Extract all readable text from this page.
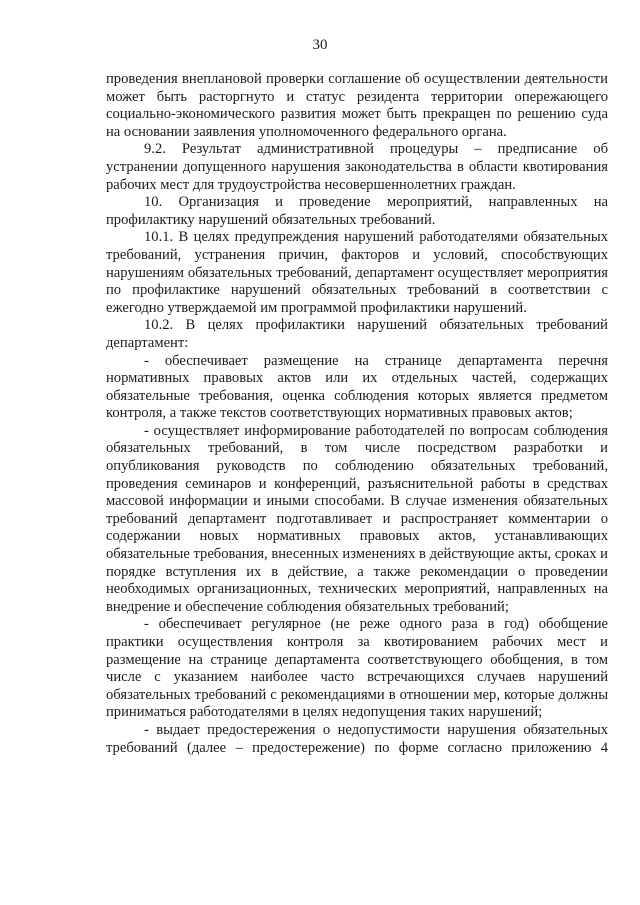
30

проведения внеплановой проверки соглашение об осуществлении деятельности может быть расторгнуто и статус резидента территории опережающего социально-экономического развития может быть прекращен по решению суда на основании заявления уполномоченного федерального органа.

9.2. Результат административной процедуры – предписание об устранении допущенного нарушения законодательства в области квотирования рабочих мест для трудоустройства несовершеннолетних граждан.

10. Организация и проведение мероприятий, направленных на профилактику нарушений обязательных требований.

10.1. В целях предупреждения нарушений работодателями обязательных требований, устранения причин, факторов и условий, способствующих нарушениям обязательных требований, департамент осуществляет мероприятия по профилактике нарушений обязательных требований в соответствии с ежегодно утверждаемой им программой профилактики нарушений.

10.2. В целях профилактики нарушений обязательных требований департамент:

- обеспечивает размещение на странице департамента перечня нормативных правовых актов или их отдельных частей, содержащих обязательные требования, оценка соблюдения которых является предметом контроля, а также текстов соответствующих нормативных правовых актов;

- осуществляет информирование работодателей по вопросам соблюдения обязательных требований, в том числе посредством разработки и опубликования руководств по соблюдению обязательных требований, проведения семинаров и конференций, разъяснительной работы в средствах массовой информации и иными способами. В случае изменения обязательных требований департамент подготавливает и распространяет комментарии о содержании новых нормативных правовых актов, устанавливающих обязательные требования, внесенных изменениях в действующие акты, сроках и порядке вступления их в действие, а также рекомендации о проведении необходимых организационных, технических мероприятий, направленных на внедрение и обеспечение соблюдения обязательных требований;

- обеспечивает регулярное (не реже одного раза в год) обобщение практики осуществления контроля за квотированием рабочих мест и размещение на странице департамента соответствующего обобщения, в том числе с указанием наиболее часто встречающихся случаев нарушений обязательных требований с рекомендациями в отношении мер, которые должны приниматься работодателями в целях недопущения таких нарушений;

- выдает предостережения о недопустимости нарушения обязательных требований (далее – предостережение) по форме согласно приложению 4
